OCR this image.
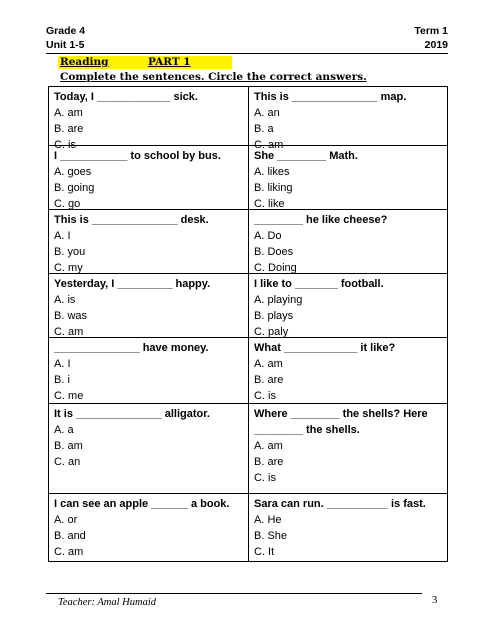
Grade 4
Unit 1-5
Term 1
2019
Reading	PART 1
Complete the sentences. Circle the correct answers.
Today, I ____________ sick.
A. am
B. are
C. is
This is ______________ map.
A. an
B. a
C. am
I ___________ to school by bus.
A. goes
B. going
C. go
She ________ Math.
A. likes
B. liking
C. like
This is ______________ desk.
A. I
B. you
C. my
________ he like cheese?
A. Do
B. Does
C. Doing
Yesterday, I _________ happy.
A. is
B. was
C. am
I like to _______ football.
A. playing
B. plays
C. paly
______________ have money.
A. I
B. i
C. me
What ____________ it like?
A. am
B. are
C. is
It is ______________ alligator.
A. a
B. am
C. an
Where ________ the shells? Here ________ the shells.
A. am
B. are
C. is
I can see an apple ______ a book.
A. or
B. and
C. am
Sara can run. __________ is fast.
A. He
B. She
C. It
Teacher: Amal Humaid	3
